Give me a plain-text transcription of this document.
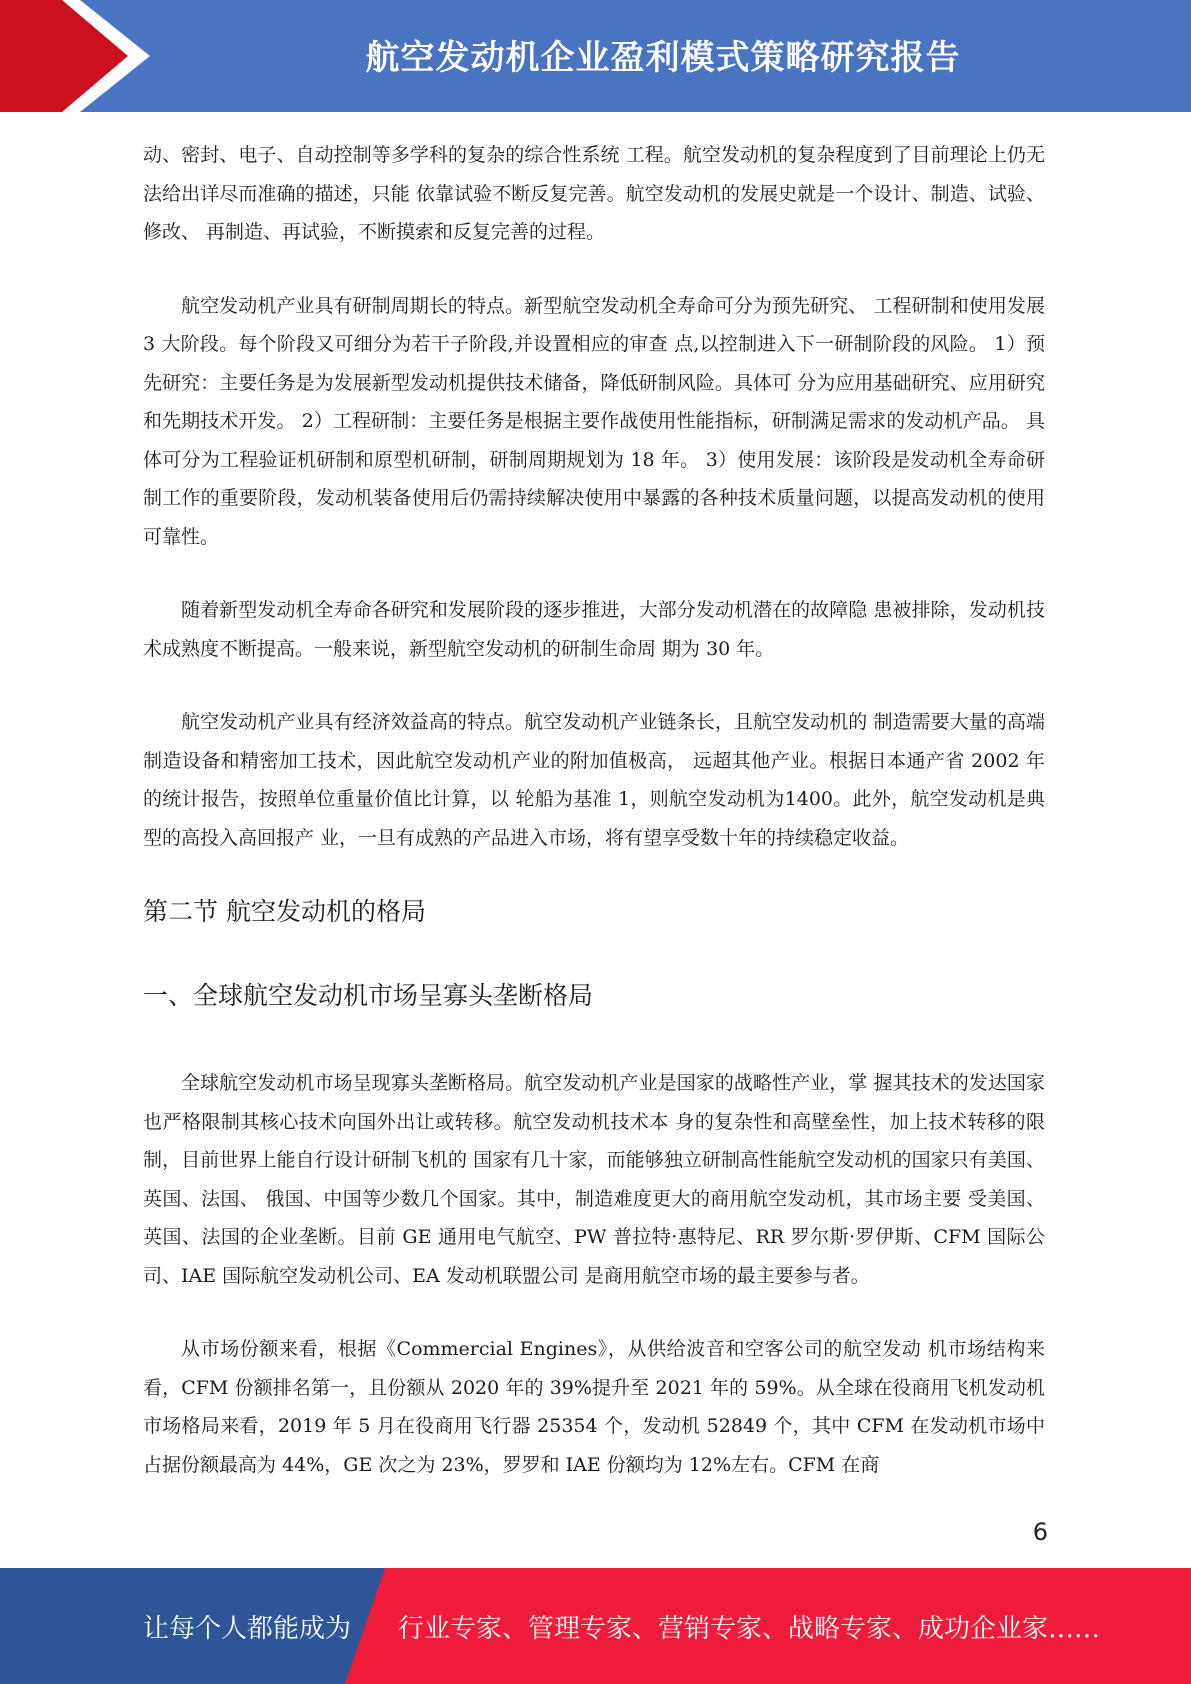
航空发动机企业盈利模式策略研究报告

动、密封、电子、自动控制等多学科的复杂的综合性系统 工程。航空发动机的复杂程度到了目前理论上仍无法给出详尽而准确的描述，只能 依靠试验不断反复完善。航空发动机的发展史就是一个设计、制造、试验、修改、 再制造、再试验，不断摸索和反复完善的过程。

航空发动机产业具有研制周期长的特点。新型航空发动机全寿命可分为预先研究、 工程研制和使用发展 3 大阶段。每个阶段又可细分为若干子阶段,并设置相应的审查 点,以控制进入下一研制阶段的风险。 1）预先研究：主要任务是为发展新型发动机提供技术储备，降低研制风险。具体可 分为应用基础研究、应用研究和先期技术开发。 2）工程研制：主要任务是根据主要作战使用性能指标，研制满足需求的发动机产品。 具体可分为工程验证机研制和原型机研制，研制周期规划为 18 年。 3）使用发展：该阶段是发动机全寿命研制工作的重要阶段，发动机装备使用后仍需持续解决使用中暴露的各种技术质量问题，以提高发动机的使用可靠性。

随着新型发动机全寿命各研究和发展阶段的逐步推进，大部分发动机潜在的故障隐 患被排除，发动机技术成熟度不断提高。一般来说，新型航空发动机的研制生命周 期为 30 年。

航空发动机产业具有经济效益高的特点。航空发动机产业链条长，且航空发动机的 制造需要大量的高端制造设备和精密加工技术，因此航空发动机产业的附加值极高， 远超其他产业。根据日本通产省 2002 年的统计报告，按照单位重量价值比计算，以 轮船为基准 1，则航空发动机为1400。此外，航空发动机是典型的高投入高回报产 业，一旦有成熟的产品进入市场，将有望享受数十年的持续稳定收益。

第二节 航空发动机的格局
一、全球航空发动机市场呈寡头垄断格局

全球航空发动机市场呈现寡头垄断格局。航空发动机产业是国家的战略性产业，掌 握其技术的发达国家也严格限制其核心技术向国外出让或转移。航空发动机技术本 身的复杂性和高壁垒性，加上技术转移的限制，目前世界上能自行设计研制飞机的 国家有几十家，而能够独立研制高性能航空发动机的国家只有美国、英国、法国、 俄国、中国等少数几个国家。其中，制造难度更大的商用航空发动机，其市场主要 受美国、英国、法国的企业垄断。目前 GE 通用电气航空、PW 普拉特·惠特尼、RR 罗尔斯·罗伊斯、CFM 国际公司、IAE 国际航空发动机公司、EA 发动机联盟公司 是商用航空市场的最主要参与者。

从市场份额来看，根据《Commercial Engines》，从供给波音和空客公司的航空发动 机市场结构来看，CFM 份额排名第一，且份额从 2020 年的 39%提升至 2021 年的 59%。从全球在役商用飞机发动机市场格局来看，2019 年 5 月在役商用飞行器 25354 个，发动机 52849 个，其中 CFM 在发动机市场中占据份额最高为 44%，GE 次之为 23%，罗罗和 IAE 份额均为 12%左右。CFM 在商

6
让每个人都能成为 行业专家、管理专家、营销专家、战略专家、成功企业家……
